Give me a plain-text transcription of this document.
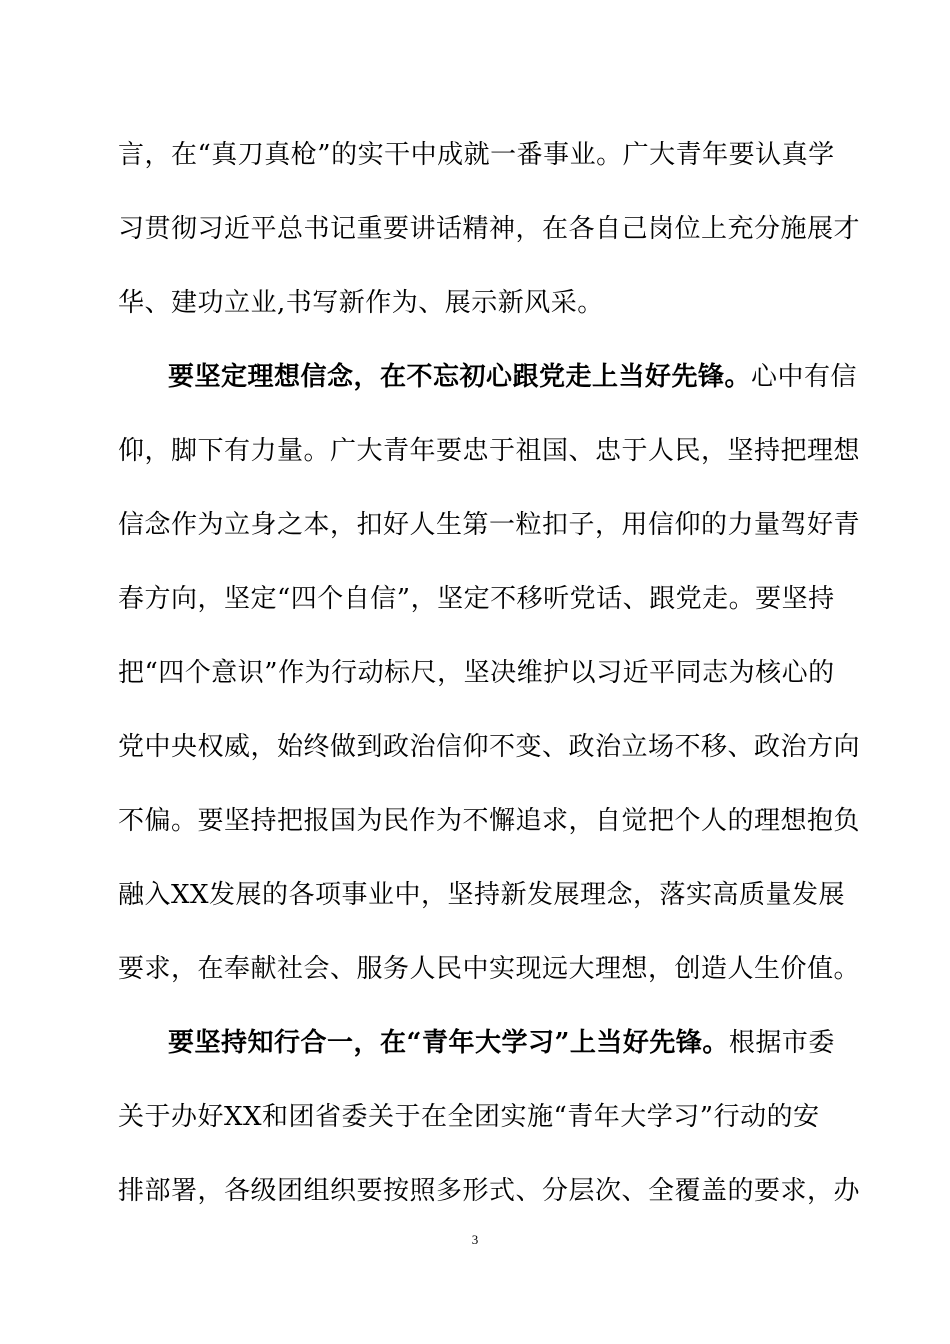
言，在“真刀真枪”的实干中成就一番事业。广大青年要认真学
习贯彻习近平总书记重要讲话精神，在各自己岗位上充分施展才
华、建功立业,书写新作为、展示新风采。
要坚定理想信念，在不忘初心跟党走上当好先锋。心中有信
仰，脚下有力量。广大青年要忠于祖国、忠于人民，坚持把理想
信念作为立身之本，扣好人生第一粒扣子，用信仰的力量驾好青
春方向，坚定“四个自信”，坚定不移听党话、跟党走。要坚持
把“四个意识”作为行动标尺，坚决维护以习近平同志为核心的
党中央权威，始终做到政治信仰不变、政治立场不移、政治方向
不偏。要坚持把报国为民作为不懈追求，自觉把个人的理想抱负
融入XX发展的各项事业中，坚持新发展理念，落实高质量发展
要求，在奉献社会、服务人民中实现远大理想，创造人生价值。
要坚持知行合一，在“青年大学习”上当好先锋。根据市委
关于办好XX和团省委关于在全团实施“青年大学习”行动的安
排部署，各级团组织要按照多形式、分层次、全覆盖的要求，办
3
